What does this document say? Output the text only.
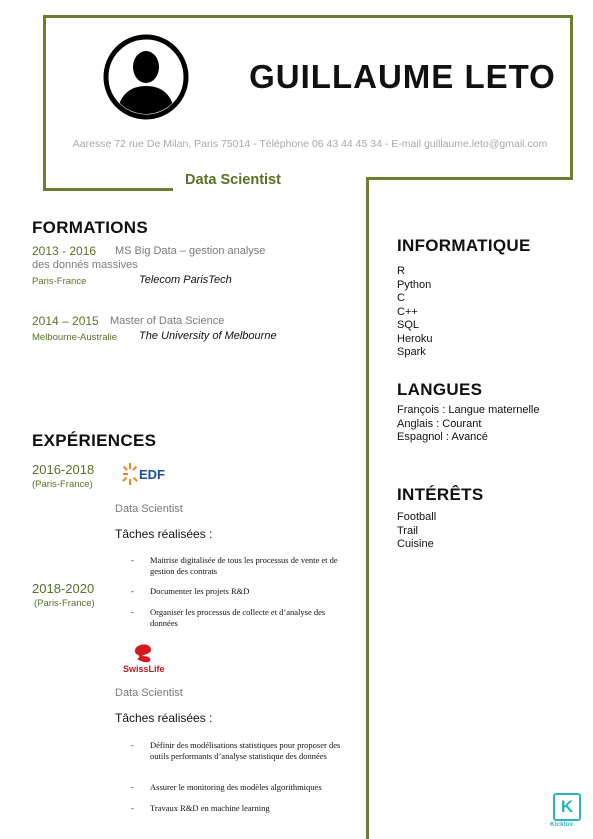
GUILLAUME LETO
Aaresse 72 rue De Milan, Paris 75014 - Téléphone 06 43 44 45 34 - E-mail guillaume.leto@gmail.com
Data Scientist
FORMATIONS
2013 - 2016 MS Big Data – gestion analyse
des donnés massives
Paris-France	Telecom ParisTech
2014 – 2015 Master of Data Science
Melbourne-Australie The University of Melbourne
EXPÉRIENCES
2016-2018
(Paris-France)
EDF
Data Scientist
Tâches réalisées :
- Maitrise digitalisée de tous les processus de vente et de gestion des contrats
- Documenter les projets R&D
- Organiser les processus de collecte et d’analyse des données
2018-2020
(Paris-France)
SwissLife
Data Scientist
Tâches réalisées :
- Définir des modélisations statistiques pour proposer des outils performants d’analyse statistique des données
- Assurer le monitoring des modèles algorithmiques
- Travaux R&D en machine learning
INFORMATIQUE
R
Python
C
C++
SQL
Heroku
Spark
LANGUES
François : Langue maternelle
Anglais : Courant
Espagnol : Avancé
INTÉRÊTS
Football
Trail
Cuisine
K
Kicklox
